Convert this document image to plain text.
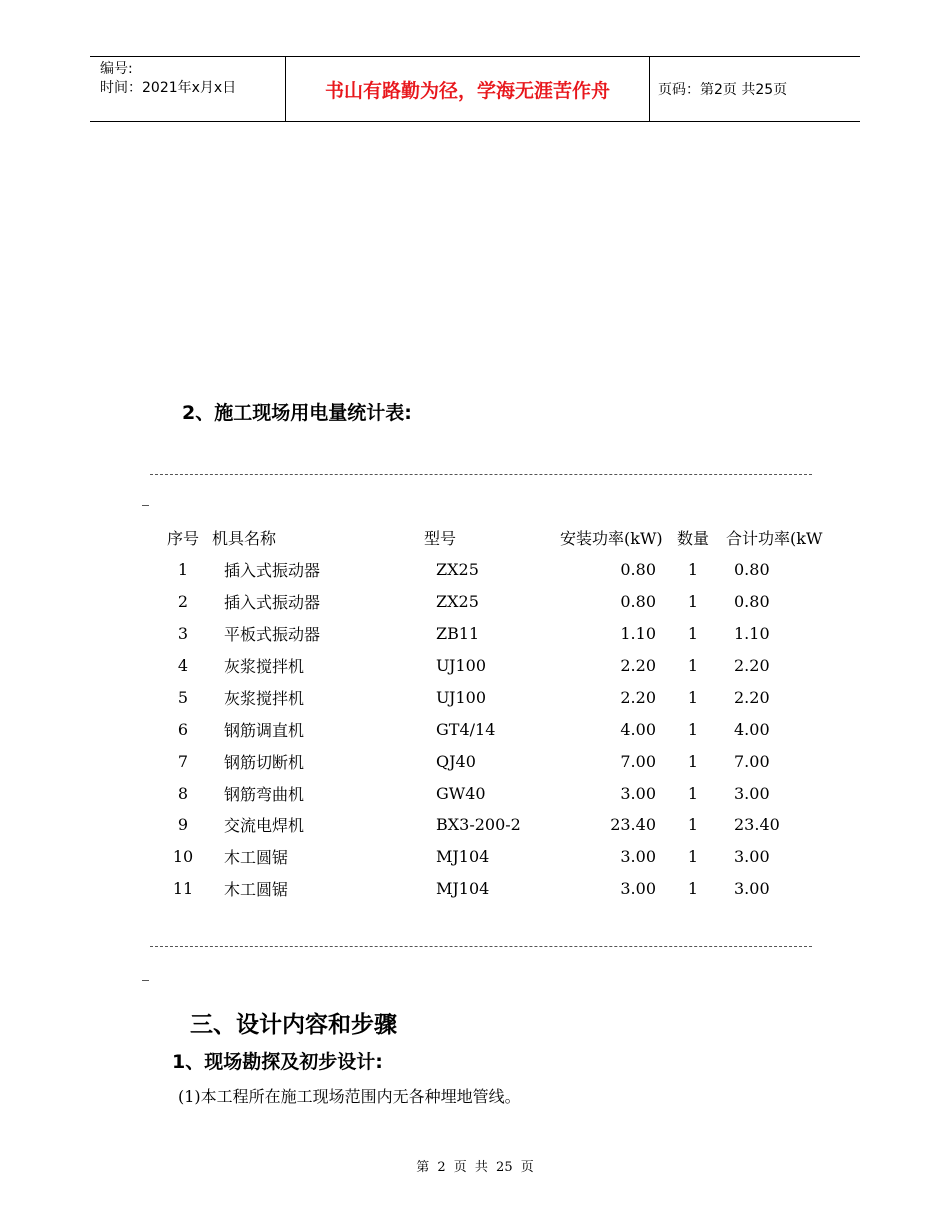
编号:
时间：2021年x月x日	书山有路勤为径，学海无涯苦作舟	页码：第2页 共25页
2、施工现场用电量统计表:
序号	机具名称	型号	安装功率(kW)	数量	合计功率(kW
1	插入式振动器	ZX25	0.80	1	0.80
2	插入式振动器	ZX25	0.80	1	0.80
3	平板式振动器	ZB11	1.10	1	1.10
4	灰浆搅拌机	UJ100	2.20	1	2.20
5	灰浆搅拌机	UJ100	2.20	1	2.20
6	钢筋调直机	GT4/14	4.00	1	4.00
7	钢筋切断机	QJ40	7.00	1	7.00
8	钢筋弯曲机	GW40	3.00	1	3.00
9	交流电焊机	BX3-200-2	23.40	1	23.40
10	木工圆锯	MJ104	3.00	1	3.00
11	木工圆锯	MJ104	3.00	1	3.00
三、设计内容和步骤
1、现场勘探及初步设计:
(1)本工程所在施工现场范围内无各种埋地管线。
第 2 页 共 25 页
